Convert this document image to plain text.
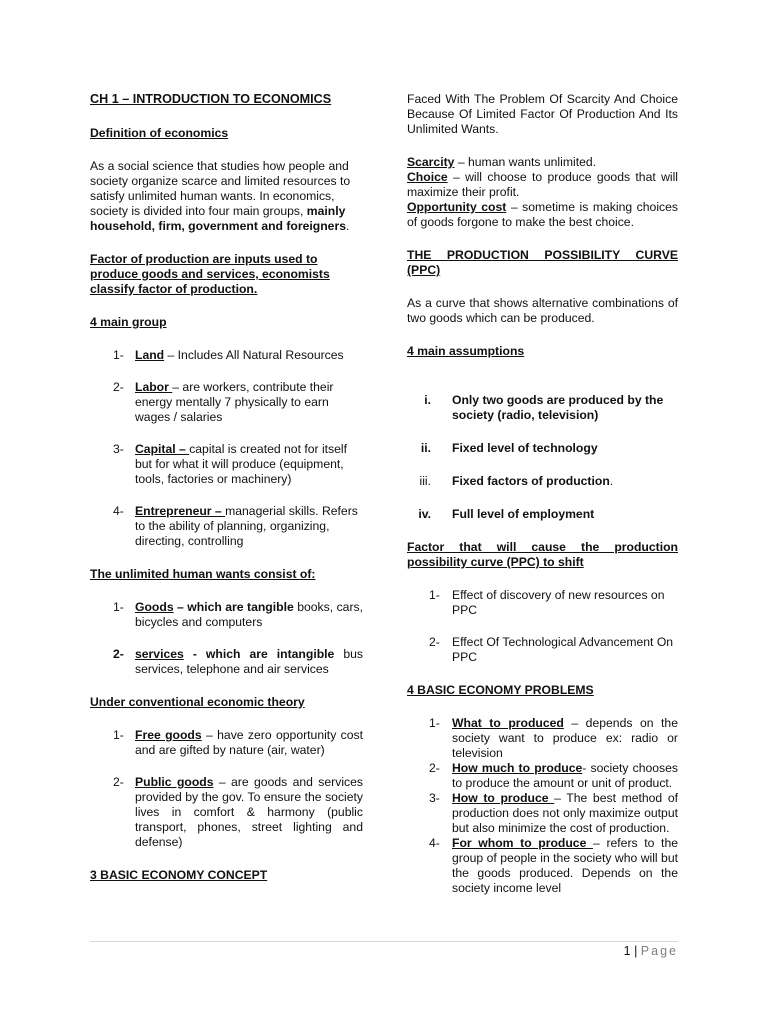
CH 1 – INTRODUCTION TO ECONOMICS

Definition of economics

As a social science that studies how people and society organize scarce and limited resources to satisfy unlimited human wants. In economics, society is divided into four main groups, mainly household, firm, government and foreigners.

Factor of production are inputs used to produce goods and services, economists classify factor of production.

4 main group

1- Land – Includes All Natural Resources
2- Labor – are workers, contribute their energy mentally 7 physically to earn wages / salaries
3- Capital – capital is created not for itself but for what it will produce (equipment, tools, factories or machinery)
4- Entrepreneur – managerial skills. Refers to the ability of planning, organizing, directing, controlling

The unlimited human wants consist of:

1- Goods – which are tangible books, cars, bicycles and computers
2- services - which are intangible bus services, telephone and air services

Under conventional economic theory

1- Free goods – have zero opportunity cost and are gifted by nature (air, water)
2- Public goods – are goods and services provided by the gov. To ensure the society lives in comfort & harmony (public transport, phones, street lighting and defense)

3 BASIC ECONOMY CONCEPT

Faced With The Problem Of Scarcity And Choice Because Of Limited Factor Of Production And Its Unlimited Wants.

Scarcity – human wants unlimited.

Choice – will choose to produce goods that will maximize their profit.

Opportunity cost – sometime is making choices of goods forgone to make the best choice.

THE PRODUCTION POSSIBILITY CURVE (PPC)

As a curve that shows alternative combinations of two goods which can be produced.

4 main assumptions

i. Only two goods are produced by the society (radio, television)
ii. Fixed level of technology
iii. Fixed factors of production.
iv. Full level of employment

Factor that will cause the production possibility curve (PPC) to shift

1- Effect of discovery of new resources on PPC
2- Effect Of Technological Advancement On PPC

4 BASIC ECONOMY PROBLEMS

1- What to produced – depends on the society want to produce ex: radio or television
2- How much to produce- society chooses to produce the amount or unit of product.
3- How to produce – The best method of production does not only maximize output but also minimize the cost of production.
4- For whom to produce – refers to the group of people in the society who will but the goods produced. Depends on the society income level
1 | Page
